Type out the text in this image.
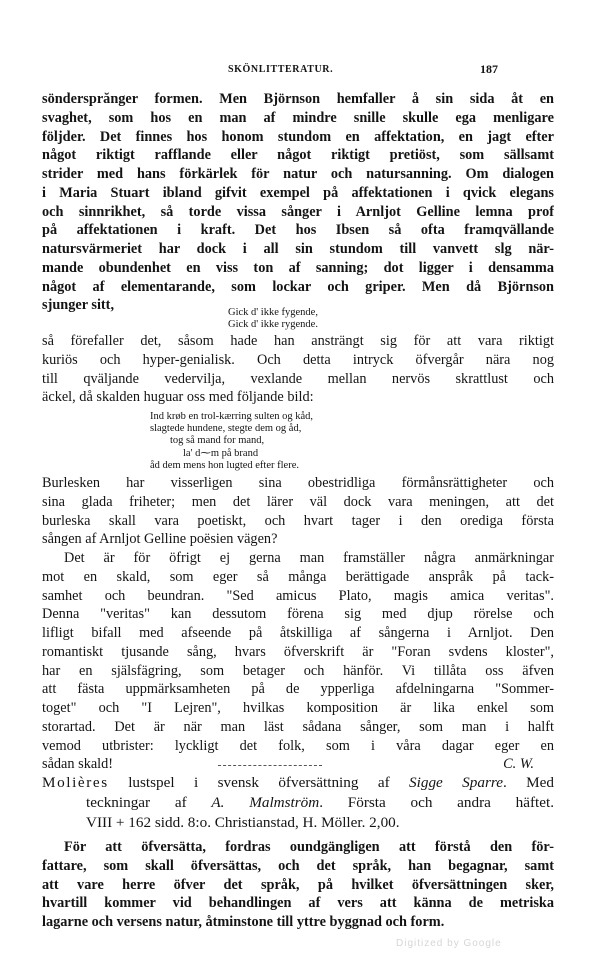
SKÖNLITTERATUR.	187
söndersprănger formen. Men Björnson hemfaller å sin sida åt en
svaghet, som hos en man af mindre snille skulle ega menligare
följder. Det finnes hos honom stundom en affektation, en jagt efter
något riktigt rafflande eller något riktigt pretiöst, som sällsamt
strider med hans förkärlek för natur och natursanning. Om dialogen
i Maria Stuart ibland gifvit exempel på affektationen i qvick elegans
och sinnrikhet, så torde vissa sånger i Arnljot Gelline lemna prof
på affektationen i kraft. Det hos Ibsen så ofta framqvällande
natursvärmeriet har dock i all sin stundom till vanvett slg när-
mande obundenhet en viss ton af sanning; dot ligger i densamma
något af elementarande, som lockar och griper. Men då Björnson
sjunger sitt,	Gick d' ikke fygende,
Gick d' ikke rygende.
så förefaller det, såsom hade han ansträngt sig för att vara riktigt
kuriös och hyper-genialisk. Och detta intryck öfvergår nära nog
till qväljande vedervilja, vexlande mellan nervös skrattlust och
äckel, då skalden huguar oss med följande bild:
Ind krøb en trol-kærring sulten og kåd,
slagtede hundene, stegte dem og åd,
tog så mand for mand,
la' d⁓m på brand
åd dem mens hon lugted efter flere.
Burlesken har visserligen sina obestridliga förmånsrättigheter och
sina glada friheter; men det lärer väl dock vara meningen, att det
burleska skall vara poetiskt, och hvart tager i den orediga första
sången af Arnljot Gelline poësien vägen?
Det är för öfrigt ej gerna man framställer några anmärkningar
mot en skald, som eger så många berättigade anspråk på tack-
samhet och beundran. "Sed amicus Plato, magis amica veritas".
Denna "veritas" kan dessutom förena sig med djup rörelse och
lifligt bifall med afseende på åtskilliga af sångerna i Arnljot. Den
romantiskt tjusande sång, hvars öfverskrift är "Foran svdens kloster",
har en själsfägring, som betager och hänför. Vi tillåta oss äfven
att fästa uppmärksamheten på de ypperliga afdelningarna "Sommer-
toget" och "I Lejren", hvilkas komposition är lika enkel som
storartad. Det är när man läst sådana sånger, som man i halft
vemod utbrister: lyckligt det folk, som i våra dagar eger en
sådan skald!	C. W.
Molières lustspel i svensk öfversättning af Sigge Sparre. Med
teckningar af A. Malmström. Första och andra häftet.
VIII + 162 sidd. 8:o. Christianstad, H. Möller. 2,00.
För att öfversätta, fordras oundgängligen att förstå den för-
fattare, som skall öfversättas, och det språk, han begagnar, samt
att vare herre öfver det språk, på hvilket öfversättningen sker,
hvartill kommer vid behandlingen af vers att känna de metriska
lagarne och versens natur, åtminstone till yttre byggnad och form.
Digitized by Google
